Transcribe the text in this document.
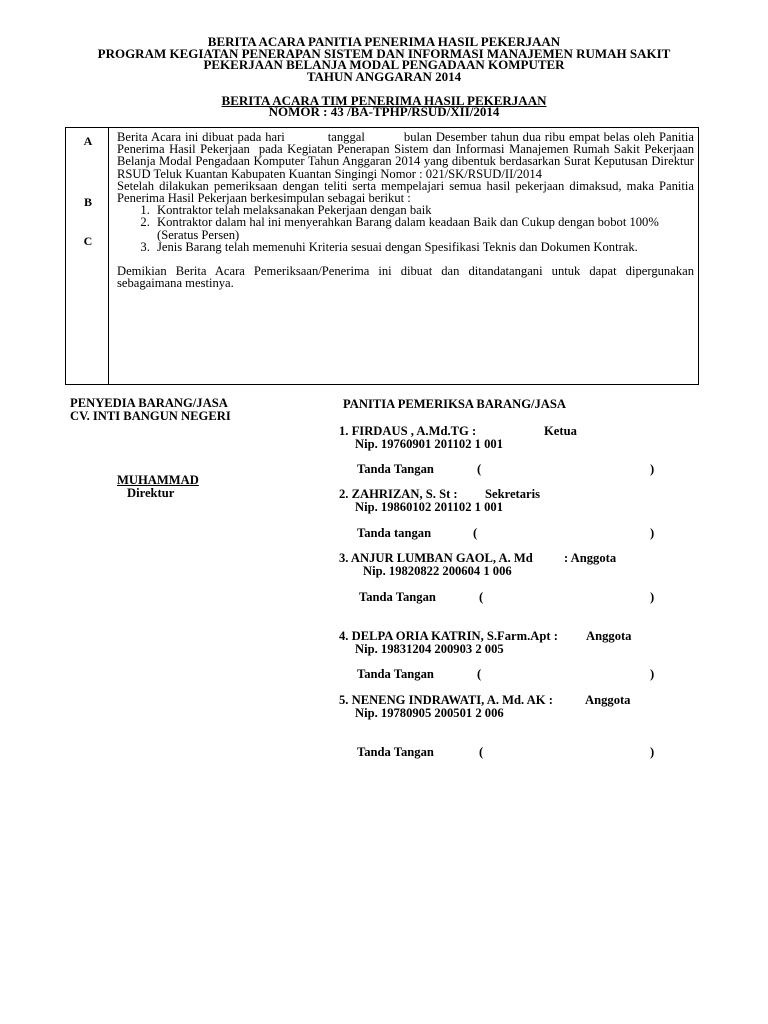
BERITA ACARA PANITIA PENERIMA HASIL PEKERJAAN
PROGRAM KEGIATAN PENERAPAN SISTEM DAN INFORMASI MANAJEMEN RUMAH SAKIT
PEKERJAAN BELANJA MODAL PENGADAAN KOMPUTER
TAHUN ANGGARAN 2014
BERITA ACARA TIM PENERIMA HASIL PEKERJAAN
NOMOR : 43 /BA-TPHP/RSUD/XII/2014
A
B
C

Berita Acara ini dibuat pada hari           tanggal          bulan Desember tahun dua ribu empat belas oleh Panitia Penerima Hasil Pekerjaan  pada Kegiatan Penerapan Sistem dan Informasi Manajemen Rumah Sakit Pekerjaan Belanja Modal Pengadaan Komputer Tahun Anggaran 2014 yang dibentuk berdasarkan Surat Keputusan Direktur RSUD Teluk Kuantan Kabupaten Kuantan Singingi Nomor : 021/SK/RSUD/II/2014

Setelah dilakukan pemeriksaan dengan teliti serta mempelajari semua hasil pekerjaan dimaksud, maka Panitia Penerima Hasil Pekerjaan berkesimpulan sebagai berikut :

1. Kontraktor telah melaksanakan Pekerjaan dengan baik
2. Kontraktor dalam hal ini menyerahkan Barang dalam keadaan Baik dan Cukup dengan bobot 100% (Seratus Persen)
3. Jenis Barang telah memenuhi Kriteria sesuai dengan Spesifikasi Teknis dan Dokumen Kontrak.

Demikian Berita Acara Pemeriksaan/Penerima ini dibuat dan ditandatangani untuk dapat dipergunakan sebagaimana mestinya.

PENYEDIA BARANG/JASA
CV. INTI BANGUN NEGERI
MUHAMMAD
Direktur
PANITIA PEMERIKSA BARANG/JASA
1. FIRDAUS , A.Md.TG :	Ketua
Nip. 19760901 201102 1 001
Tanda Tangan	(	)
2. ZAHRIZAN, S. St : Sekretaris
Nip. 19860102 201102 1 001
Tanda tangan	(	)
3. ANJUR LUMBAN GAOL, A. Md : Anggota
Nip. 19820822 200604 1 006
Tanda Tangan	(	)
4. DELPA ORIA KATRIN, S.Farm.Apt : Anggota
Nip. 19831204 200903 2 005
Tanda Tangan	(	)
5. NENENG INDRAWATI, A. Md. AK :	Anggota
Nip. 19780905 200501 2 006
Tanda Tangan	(	)
